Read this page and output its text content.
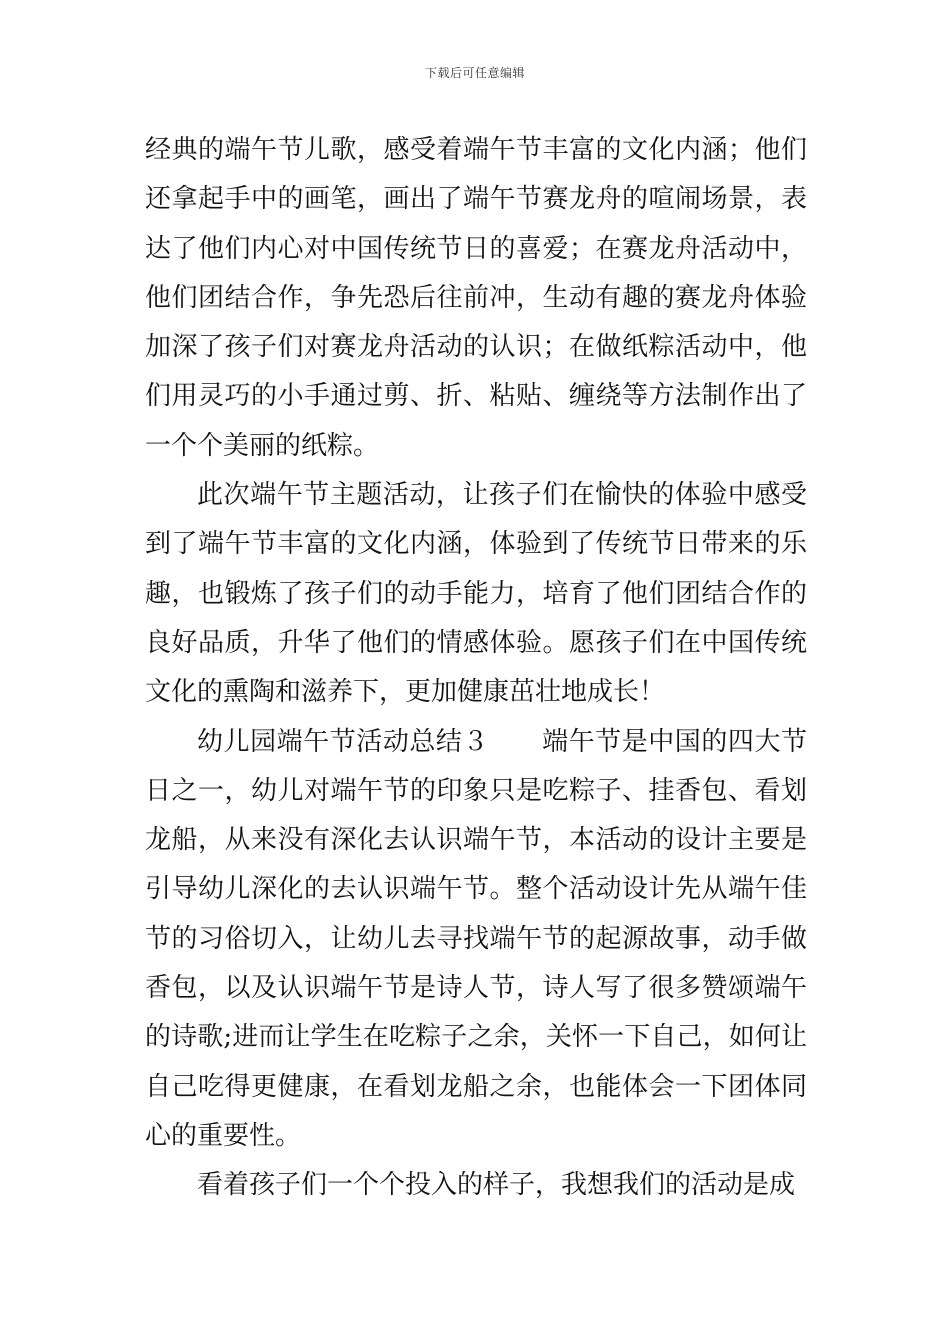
下载后可任意编辑

经典的端午节儿歌，感受着端午节丰富的文化内涵；他们还拿起手中的画笔，画出了端午节赛龙舟的喧闹场景，表达了他们内心对中国传统节日的喜爱；在赛龙舟活动中，他们团结合作，争先恐后往前冲，生动有趣的赛龙舟体验加深了孩子们对赛龙舟活动的认识；在做纸粽活动中，他们用灵巧的小手通过剪、折、粘贴、缠绕等方法制作出了一个个美丽的纸粽。

此次端午节主题活动，让孩子们在愉快的体验中感受到了端午节丰富的文化内涵，体验到了传统节日带来的乐趣，也锻炼了孩子们的动手能力，培育了他们团结合作的良好品质，升华了他们的情感体验。愿孩子们在中国传统文化的熏陶和滋养下，更加健康茁壮地成长！

幼儿园端午节活动总结３　　端午节是中国的四大节日之一，幼儿对端午节的印象只是吃粽子、挂香包、看划龙船，从来没有深化去认识端午节，本活动的设计主要是引导幼儿深化的去认识端午节。整个活动设计先从端午佳节的习俗切入，让幼儿去寻找端午节的起源故事，动手做香包，以及认识端午节是诗人节，诗人写了很多赞颂端午的诗歌;进而让学生在吃粽子之余，关怀一下自己，如何让自己吃得更健康，在看划龙船之余，也能体会一下团体同心的重要性。

看着孩子们一个个投入的样子，我想我们的活动是成
